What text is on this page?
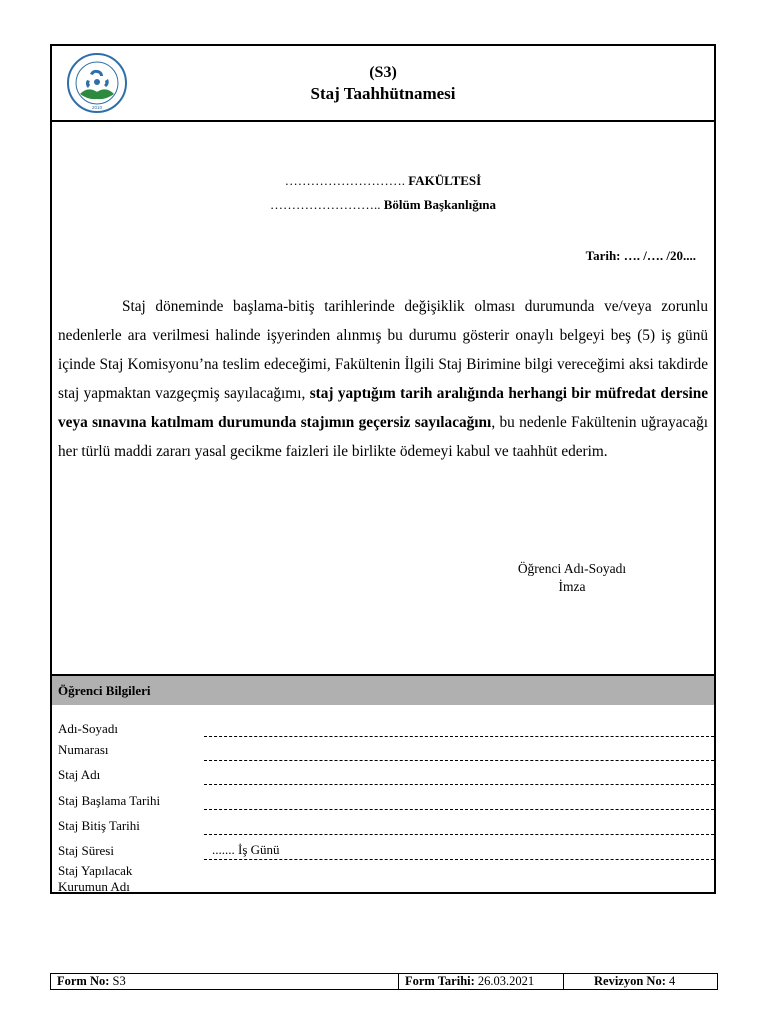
2010
(S3)
Staj Taahhütnamesi
………………………. FAKÜLTESİ
…………………….. Bölüm Başkanlığına
Tarih: …. /…. /20....
Staj döneminde başlama-bitiş tarihlerinde değişiklik olması durumunda ve/veya zorunlu nedenlerle ara verilmesi halinde işyerinden alınmış bu durumu gösterir onaylı belgeyi beş (5) iş günü içinde Staj Komisyonu’na teslim edeceğimi, Fakültenin İlgili Staj Birimine bilgi vereceğimi aksi takdirde staj yapmaktan vazgeçmiş sayılacağımı, staj yaptığım tarih aralığında herhangi bir müfredat dersine veya sınavına katılmam durumunda stajımın geçersiz sayılacağını, bu nedenle Fakültenin uğrayacağı her türlü maddi zararı yasal gecikme faizleri ile birlikte ödemeyi kabul ve taahhüt ederim.
Öğrenci Adı-Soyadı
İmza
Öğrenci Bilgileri
Adı-Soyadı
Numarası
Staj Adı
Staj Başlama Tarihi
Staj Bitiş Tarihi
Staj Süresi
Staj Yapılacak
Kurumun Adı
....... İş Günü
Form No: S3	Form Tarihi: 26.03.2021	Revizyon No: 4
